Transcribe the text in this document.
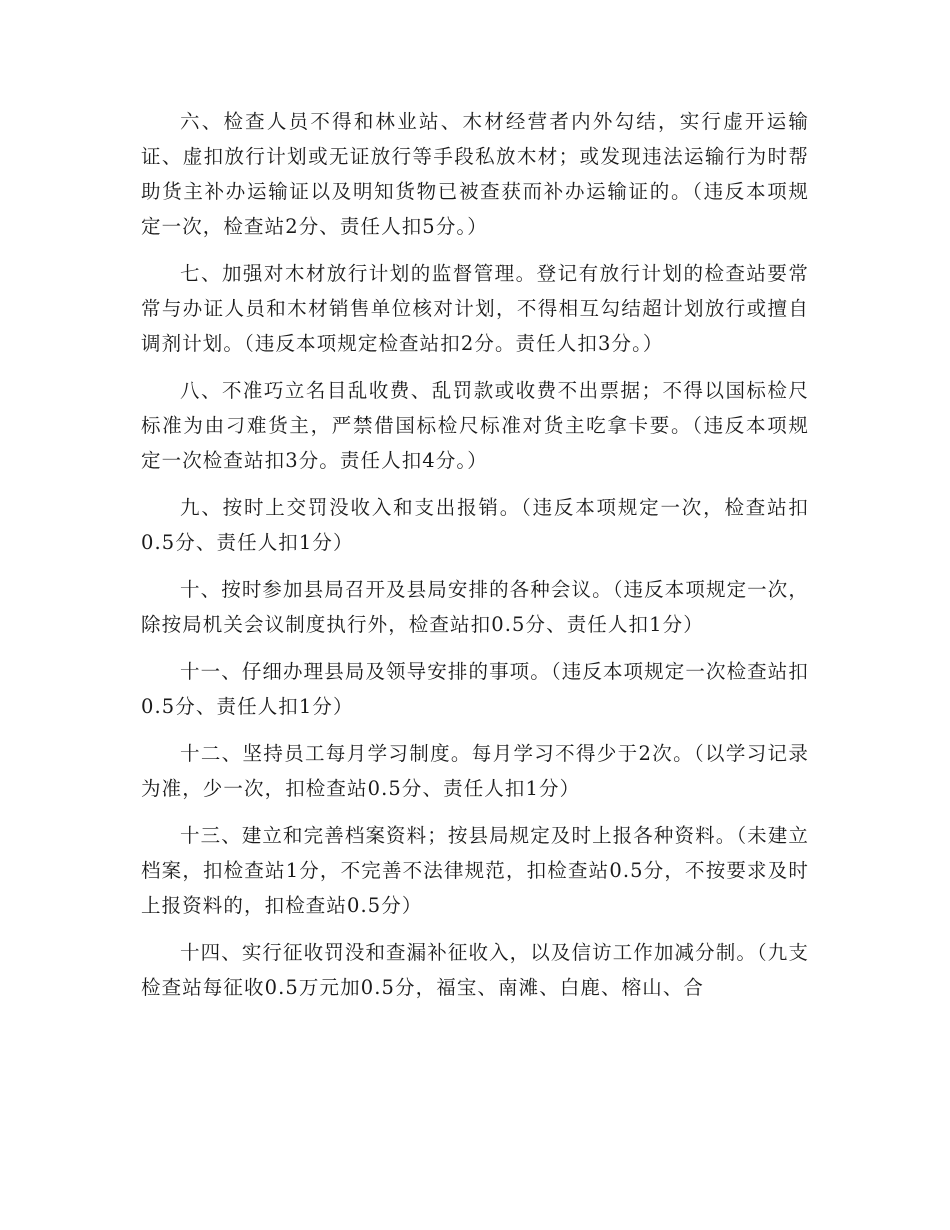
六、检查人员不得和林业站、木材经营者内外勾结，实行虚开运输证、虚扣放行计划或无证放行等手段私放木材；或发现违法运输行为时帮助货主补办运输证以及明知货物已被查获而补办运输证的。（违反本项规定一次，检查站2分、责任人扣5分。）

七、加强对木材放行计划的监督管理。登记有放行计划的检查站要常常与办证人员和木材销售单位核对计划，不得相互勾结超计划放行或擅自调剂计划。（违反本项规定检查站扣2分。责任人扣3分。）

八、不准巧立名目乱收费、乱罚款或收费不出票据；不得以国标检尺标准为由刁难货主，严禁借国标检尺标准对货主吃拿卡要。（违反本项规定一次检查站扣3分。责任人扣4分。）

九、按时上交罚没收入和支出报销。（违反本项规定一次，检查站扣0.5分、责任人扣1分）

十、按时参加县局召开及县局安排的各种会议。（违反本项规定一次，除按局机关会议制度执行外，检查站扣0.5分、责任人扣1分）

十一、仔细办理县局及领导安排的事项。（违反本项规定一次检查站扣0.5分、责任人扣1分）

十二、坚持员工每月学习制度。每月学习不得少于2次。（以学习记录为准，少一次，扣检查站0.5分、责任人扣1分）

十三、建立和完善档案资料；按县局规定及时上报各种资料。（未建立档案，扣检查站1分，不完善不法律规范，扣检查站0.5分，不按要求及时上报资料的，扣检查站0.5分）

十四、实行征收罚没和查漏补征收入，以及信访工作加减分制。（九支检查站每征收0.5万元加0.5分，福宝、南滩、白鹿、榕山、合
